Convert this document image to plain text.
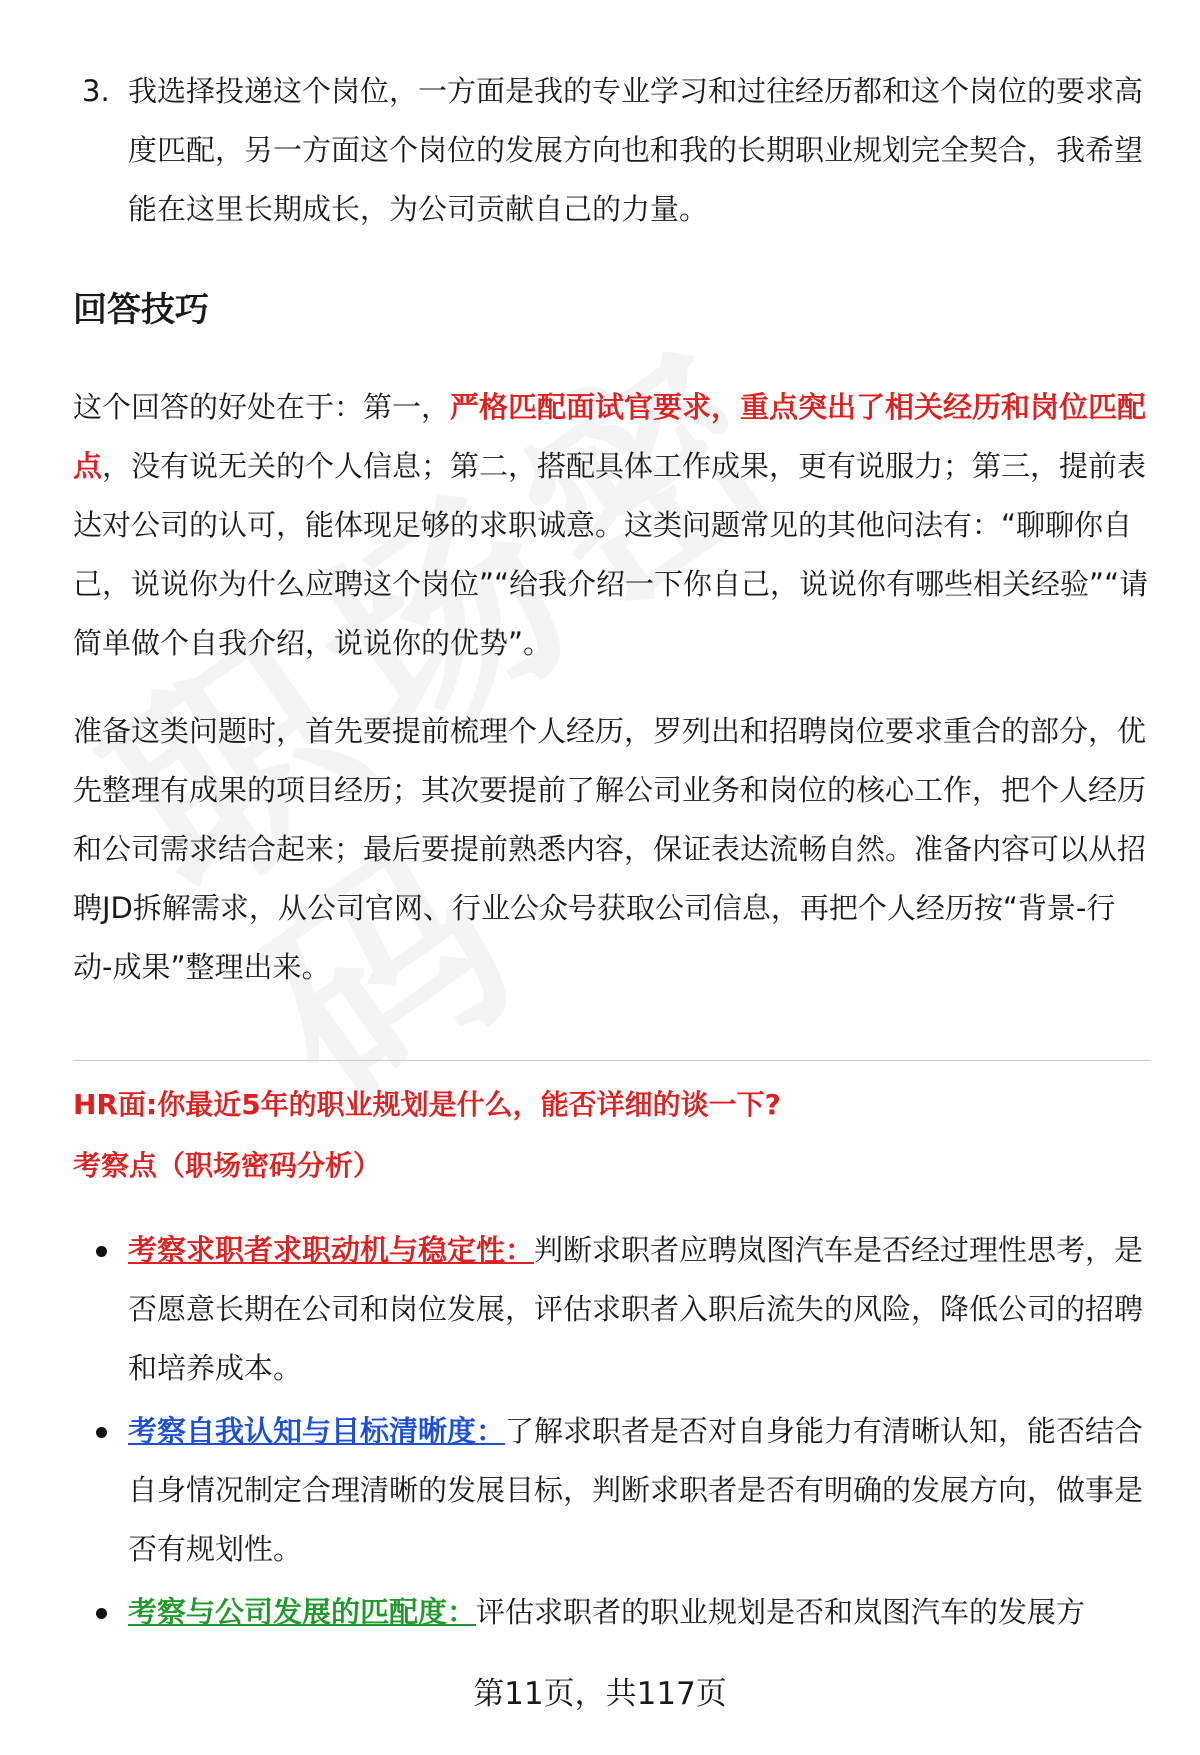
3. 我选择投递这个岗位，一方面是我的专业学习和过往经历都和这个岗位的要求高度匹配，另一方面这个岗位的发展方向也和我的长期职业规划完全契合，我希望能在这里长期成长，为公司贡献自己的力量。
回答技巧
这个回答的好处在于：第一，严格匹配面试官要求，重点突出了相关经历和岗位匹配点，没有说无关的个人信息；第二，搭配具体工作成果，更有说服力；第三，提前表达对公司的认可，能体现足够的求职诚意。这类问题常见的其他问法有：“聊聊你自己，说说你为什么应聘这个岗位”“给我介绍一下你自己，说说你有哪些相关经验”“请简单做个自我介绍，说说你的优势”。
准备这类问题时，首先要提前梳理个人经历，罗列出和招聘岗位要求重合的部分，优先整理有成果的项目经历；其次要提前了解公司业务和岗位的核心工作，把个人经历和公司需求结合起来；最后要提前熟悉内容，保证表达流畅自然。准备内容可以从招聘JD拆解需求，从公司官网、行业公众号获取公司信息，再把个人经历按“背景-行动-成果”整理出来。
HR面:你最近5年的职业规划是什么，能否详细的谈一下?
考察点（职场密码分析）
考察求职者求职动机与稳定性：判断求职者应聘岚图汽车是否经过理性思考，是否愿意长期在公司和岗位发展，评估求职者入职后流失的风险，降低公司的招聘和培养成本。
考察自我认知与目标清晰度：了解求职者是否对自身能力有清晰认知，能否结合自身情况制定合理清晰的发展目标，判断求职者是否有明确的发展方向，做事是否有规划性。
考察与公司发展的匹配度：评估求职者的职业规划是否和岚图汽车的发展方
第11页，共117页
